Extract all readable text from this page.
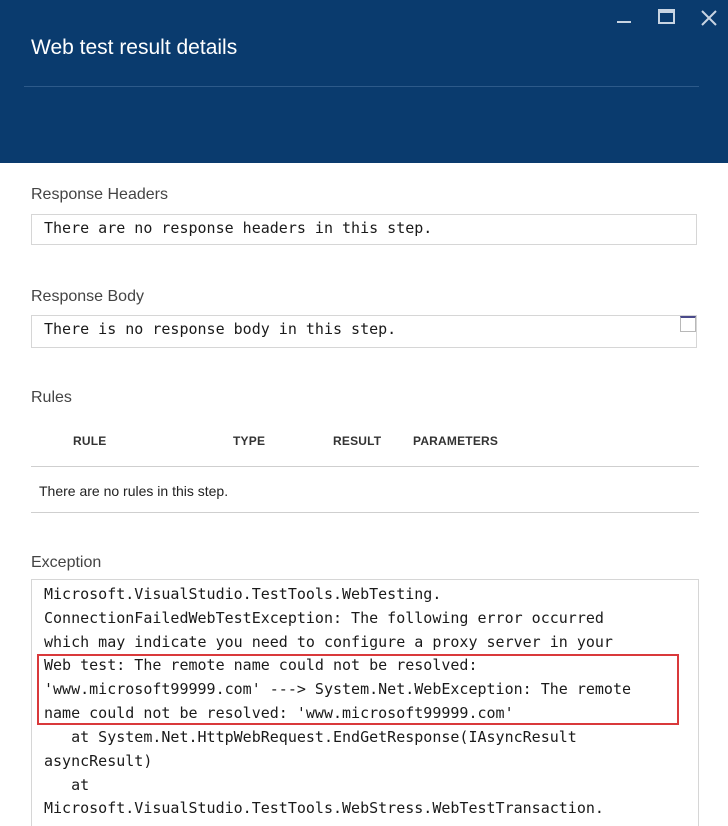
Web test result details
Response Headers
There are no response headers in this step.
Response Body
There is no response body in this step.
Rules
RULE	TYPE	RESULT	PARAMETERS
There are no rules in this step.
Exception
Microsoft.VisualStudio.TestTools.WebTesting.
ConnectionFailedWebTestException: The following error occurred
which may indicate you need to configure a proxy server in your
Web test: The remote name could not be resolved:
'www.microsoft99999.com' ---> System.Net.WebException: The remote
name could not be resolved: 'www.microsoft99999.com'
at System.Net.HttpWebRequest.EndGetResponse(IAsyncResult
asyncResult)
at
Microsoft.VisualStudio.TestTools.WebStress.WebTestTransaction.
